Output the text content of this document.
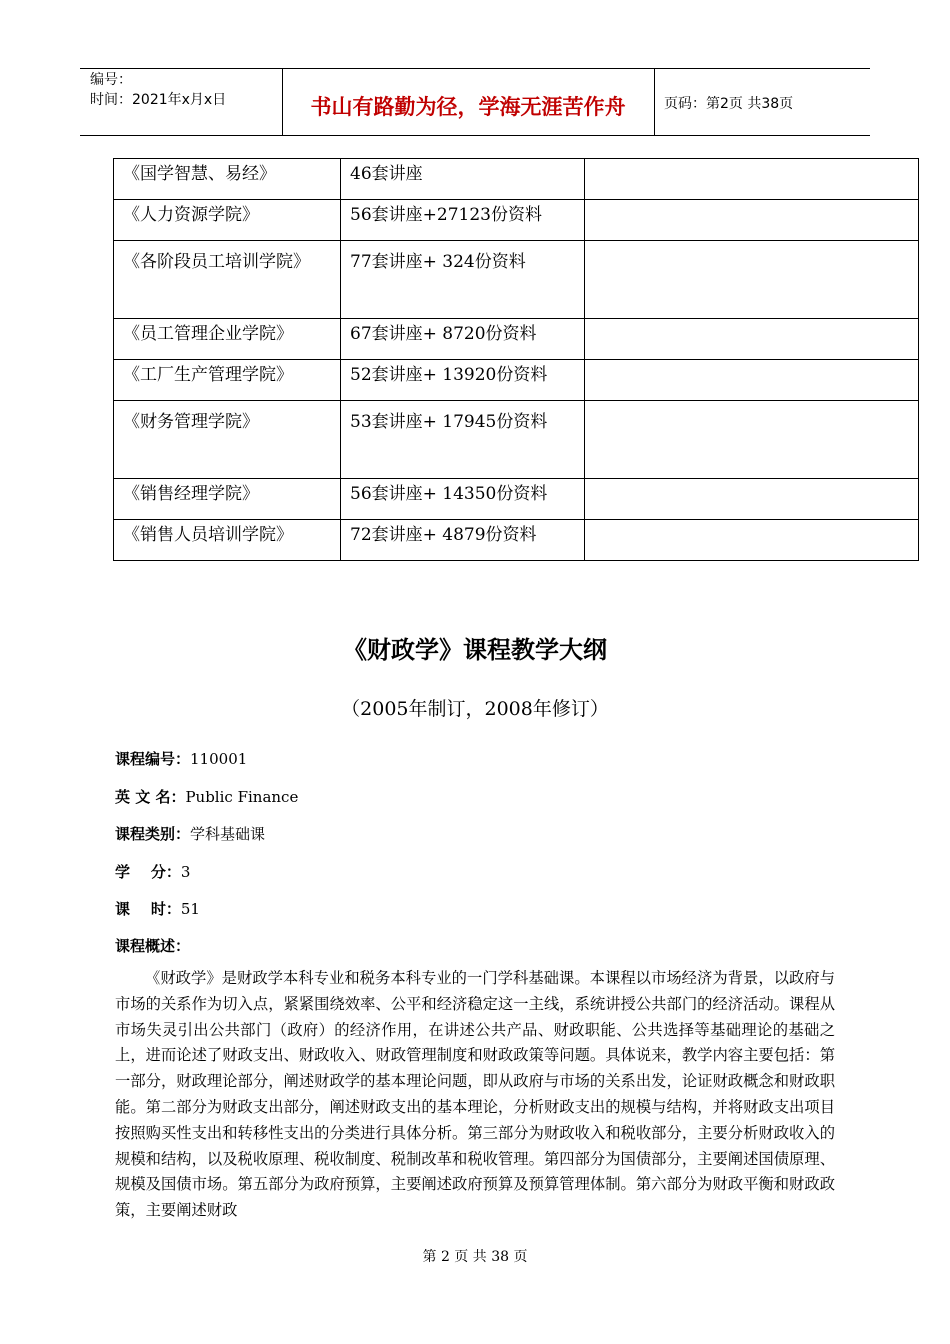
编号：
时间：2021年x月x日	书山有路勤为径，学海无涯苦作舟	页码：第2页 共38页
《国学智慧、易经》	46套讲座	
《人力资源学院》	56套讲座+27123份资料	
《各阶段员工培训学院》	77套讲座+ 324份资料	
《员工管理企业学院》	67套讲座+ 8720份资料	
《工厂生产管理学院》	52套讲座+ 13920份资料	
《财务管理学院》	53套讲座+ 17945份资料	
《销售经理学院》	56套讲座+ 14350份资料	
《销售人员培训学院》	72套讲座+ 4879份资料	
《财政学》课程教学大纲
（2005年制订，2008年修订）
课程编号：110001
英 文 名：Public Finance
课程类别：学科基础课
学    分：3
课    时：51
课程概述：
《财政学》是财政学本科专业和税务本科专业的一门学科基础课。本课程以市场经济为背景，以政府与市场的关系作为切入点，紧紧围绕效率、公平和经济稳定这一主线，系统讲授公共部门的经济活动。课程从市场失灵引出公共部门（政府）的经济作用，在讲述公共产品、财政职能、公共选择等基础理论的基础之上，进而论述了财政支出、财政收入、财政管理制度和财政政策等问题。具体说来，教学内容主要包括：第一部分，财政理论部分，阐述财政学的基本理论问题，即从政府与市场的关系出发，论证财政概念和财政职能。第二部分为财政支出部分，阐述财政支出的基本理论，分析财政支出的规模与结构，并将财政支出项目按照购买性支出和转移性支出的分类进行具体分析。第三部分为财政收入和税收部分，主要分析财政收入的规模和结构，以及税收原理、税收制度、税制改革和税收管理。第四部分为国债部分，主要阐述国债原理、规模及国债市场。第五部分为政府预算，主要阐述政府预算及预算管理体制。第六部分为财政平衡和财政政策，主要阐述财政
第 2 页 共 38 页
